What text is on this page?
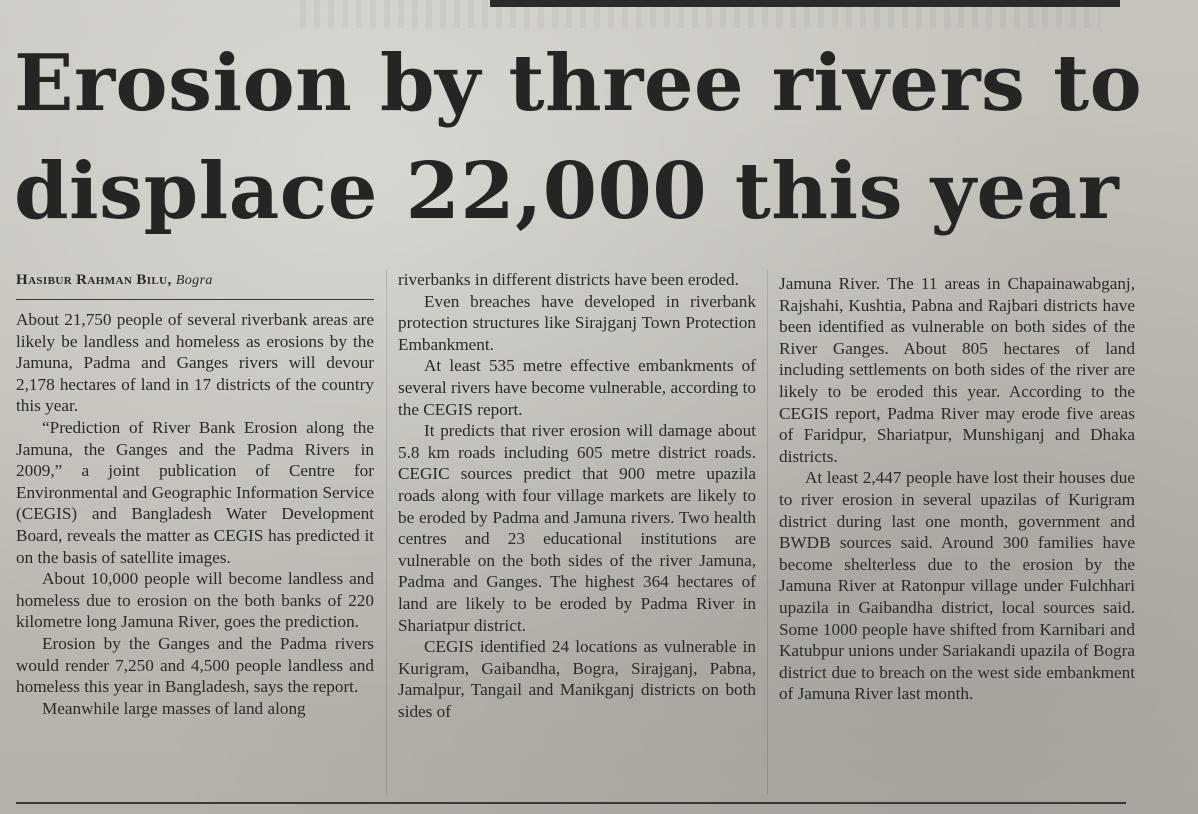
Erosion by three rivers to
displace 22,000 this year
Hasibur Rahman Bilu, Bogra

About 21,750 people of several riverbank areas are likely be landless and homeless as erosions by the Jamuna, Padma and Ganges rivers will devour 2,178 hectares of land in 17 districts of the country this year.

“Prediction of River Bank Erosion along the Jamuna, the Ganges and the Padma Rivers in 2009,” a joint publication of Centre for Environmental and Geographic Information Service (CEGIS) and Bangladesh Water Development Board, reveals the matter as CEGIS has predicted it on the basis of satellite images.

About 10,000 people will become landless and homeless due to erosion on the both banks of 220 kilometre long Jamuna River, goes the prediction.

Erosion by the Ganges and the Padma rivers would render 7,250 and 4,500 people landless and homeless this year in Bangladesh, says the report.

Meanwhile large masses of land along

riverbanks in different districts have been eroded.

Even breaches have developed in riverbank protection structures like Sirajganj Town Protection Embankment.

At least 535 metre effective embankments of several rivers have become vulnerable, according to the CEGIS report.

It predicts that river erosion will damage about 5.8 km roads including 605 metre district roads. CEGIC sources predict that 900 metre upazila roads along with four village markets are likely to be eroded by Padma and Jamuna rivers. Two health centres and 23 educational institutions are vulnerable on the both sides of the river Jamuna, Padma and Ganges. The highest 364 hectares of land are likely to be eroded by Padma River in Shariatpur district.

CEGIS identified 24 locations as vulnerable in Kurigram, Gaibandha, Bogra, Sirajganj, Pabna, Jamalpur, Tangail and Manikganj districts on both sides of

Jamuna River. The 11 areas in Chapainawabganj, Rajshahi, Kushtia, Pabna and Rajbari districts have been identified as vulnerable on both sides of the River Ganges. About 805 hectares of land including settlements on both sides of the river are likely to be eroded this year. According to the CEGIS report, Padma River may erode five areas of Faridpur, Shariatpur, Munshiganj and Dhaka districts.

At least 2,447 people have lost their houses due to river erosion in several upazilas of Kurigram district during last one month, government and BWDB sources said. Around 300 families have become shelterless due to the erosion by the Jamuna River at Ratonpur village under Fulchhari upazila in Gaibandha district, local sources said. Some 1000 people have shifted from Karnibari and Katubpur unions under Sariakandi upazila of Bogra district due to breach on the west side embankment of Jamuna River last month.
